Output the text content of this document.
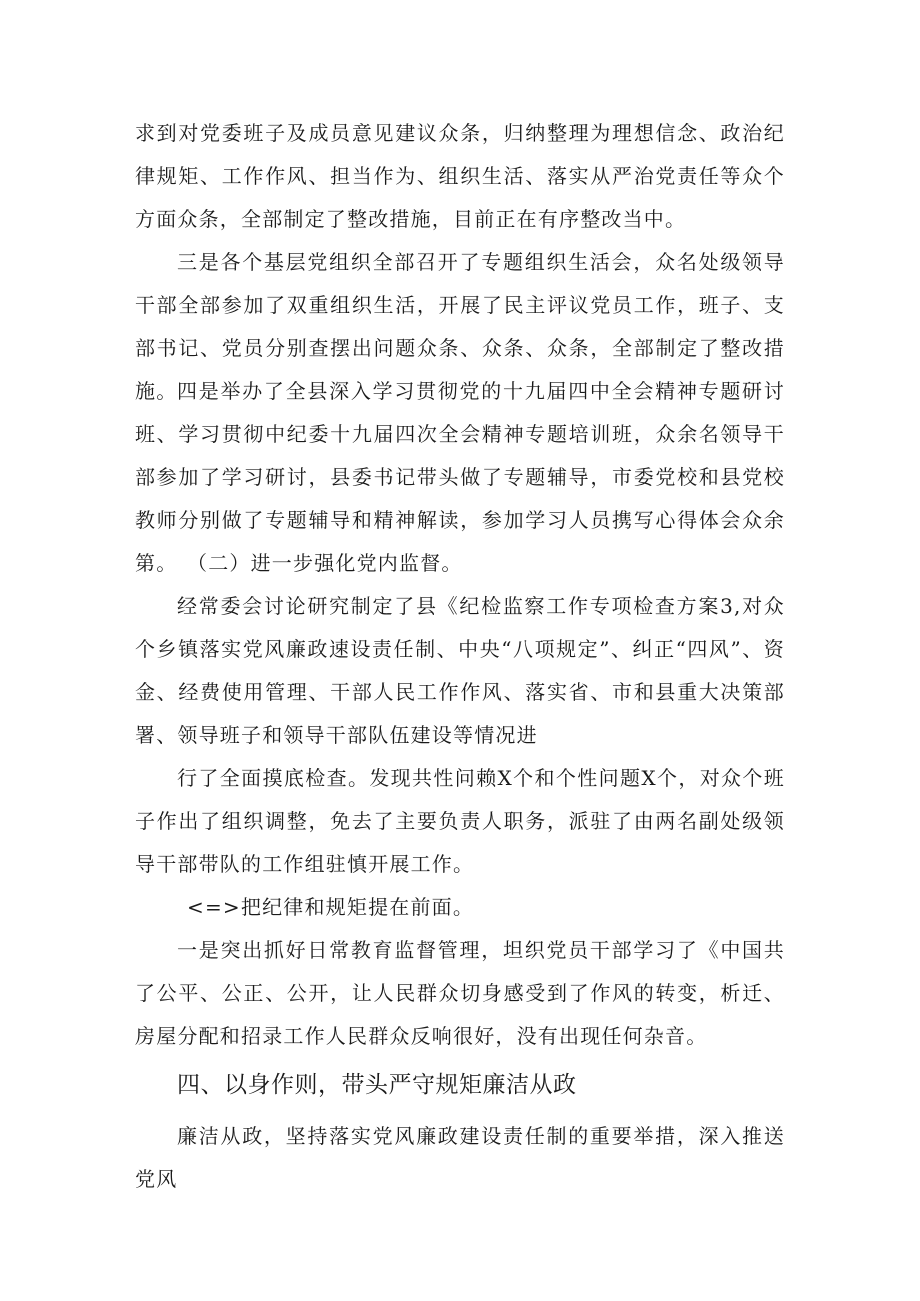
求到对党委班子及成员意见建议众条，归纳整理为理想信念、政治纪律规矩、工作作风、担当作为、组织生活、落实从严治党责任等众个方面众条，全部制定了整改措施，目前正在有序整改当中。

三是各个基层党组织全部召开了专题组织生活会，众名处级领导干部全部参加了双重组织生活，开展了民主评议党员工作，班子、支部书记、党员分别查摆出问题众条、众条、众条，全部制定了整改措施。 四是举办了全县深入学习贯彻党的十九届四中全会精神专题研讨班、学习贯彻中纪委十九届四次全会精神专题培训班，众余名领导干部参加了学习研讨，县委书记带头做了专题辅导，市委党校和县党校教师分别做了专题辅导和精神解读，参加学习人员携写心得体会众余第。 （二）进一步强化党内监督。

经常委会讨论研究制定了县《纪检监察工作专项检查方案3,对众个乡镇落实党风廉政速设责任制、中央“八项规定”、纠正“四风”、资金、经费使用管理、干部人民工作作风、落实省、市和县重大决策部署、领导班子和领导干部队伍建设等情况进

行了全面摸底检查。发现共性问赖X个和个性问题X个，对众个班子作出了组织调整，免去了主要负责人职务，派驻了由两名副处级领导干部带队的工作组驻慎开展工作。

<=>把纪律和规矩提在前面。

一是突出抓好日常教育监督管理，坦织党员干部学习了《中国共了公平、公正、公开，让人民群众切身感受到了作风的转变，析迁、房屋分配和招录工作人民群众反响很好，没有出现任何杂音。

四、以身作则，带头严守规矩廉洁从政

廉洁从政，坚持落实党风廉政建设责任制的重要举措，深入推送党风
